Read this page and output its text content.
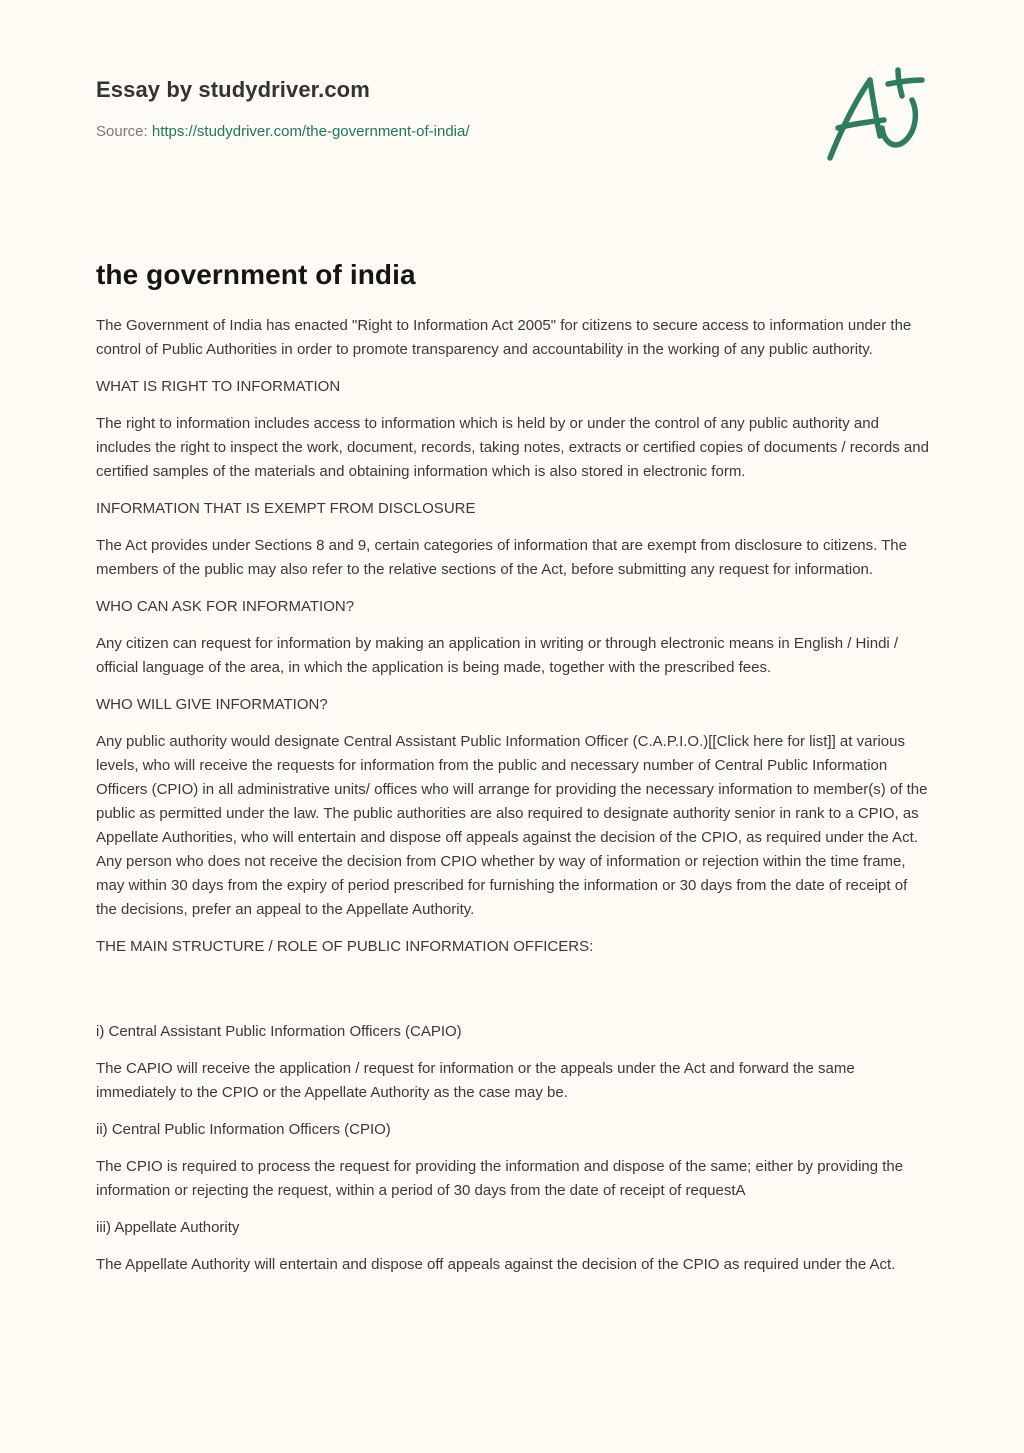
Essay by studydriver.com
Source: https://studydriver.com/the-government-of-india/
the government of india

The Government of India has enacted "Right to Information Act 2005" for citizens to secure access to information under the control of Public Authorities in order to promote transparency and accountability in the working of any public authority.

WHAT IS RIGHT TO INFORMATION

The right to information includes access to information which is held by or under the control of any public authority and includes the right to inspect the work, document, records, taking notes, extracts or certified copies of documents / records and certified samples of the materials and obtaining information which is also stored in electronic form.

INFORMATION THAT IS EXEMPT FROM DISCLOSURE

The Act provides under Sections 8 and 9, certain categories of information that are exempt from disclosure to citizens. The members of the public may also refer to the relative sections of the Act, before submitting any request for information.

WHO CAN ASK FOR INFORMATION?

Any citizen can request for information by making an application in writing or through electronic means in English / Hindi / official language of the area, in which the application is being made, together with the prescribed fees.

WHO WILL GIVE INFORMATION?

Any public authority would designate Central Assistant Public Information Officer (C.A.P.I.O.)[[Click here for list]] at various levels, who will receive the requests for information from the public and necessary number of Central Public Information Officers (CPIO) in all administrative units/ offices who will arrange for providing the necessary information to member(s) of the public as permitted under the law. The public authorities are also required to designate authority senior in rank to a CPIO, as Appellate Authorities, who will entertain and dispose off appeals against the decision of the CPIO, as required under the Act. Any person who does not receive the decision from CPIO whether by way of information or rejection within the time frame, may within 30 days from the expiry of period prescribed for furnishing the information or 30 days from the date of receipt of the decisions, prefer an appeal to the Appellate Authority.

THE MAIN STRUCTURE / ROLE OF PUBLIC INFORMATION OFFICERS:

i) Central Assistant Public Information Officers (CAPIO)

The CAPIO will receive the application / request for information or the appeals under the Act and forward the same immediately to the CPIO or the Appellate Authority as the case may be.

ii) Central Public Information Officers (CPIO)

The CPIO is required to process the request for providing the information and dispose of the same; either by providing the information or rejecting the request, within a period of 30 days from the date of receipt of requestA

iii) Appellate Authority

The Appellate Authority will entertain and dispose off appeals against the decision of the CPIO as required under the Act.
